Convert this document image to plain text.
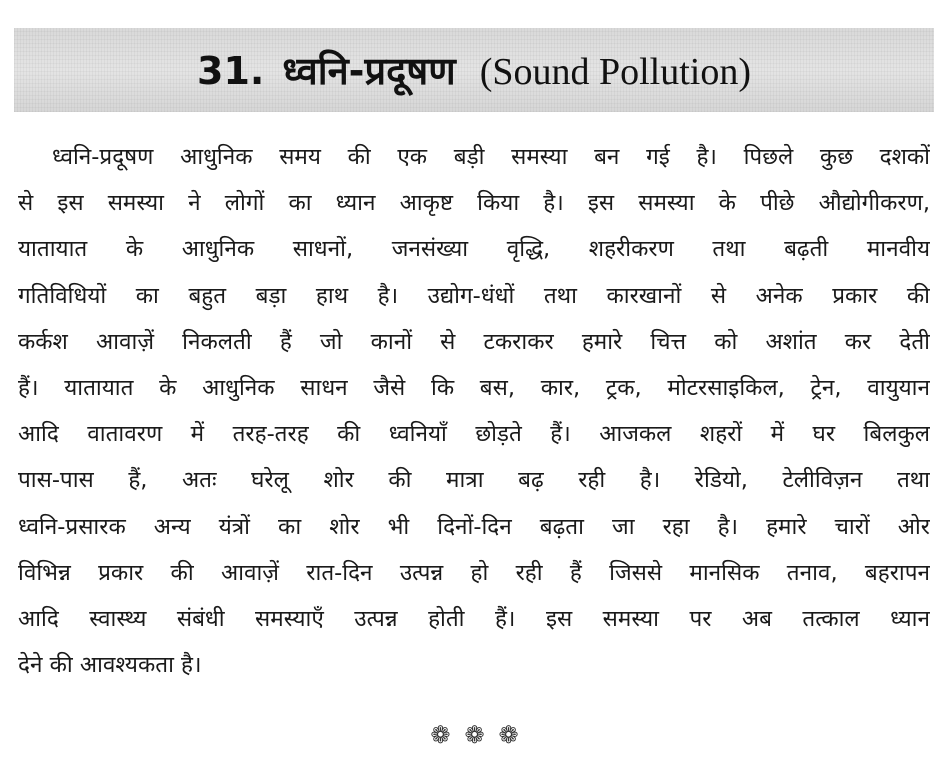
31. ध्वनि-प्रदूषण (Sound Pollution)
ध्वनि-प्रदूषण आधुनिक समय की एक बड़ी समस्या बन गई है। पिछले कुछ दशकों
से इस समस्या ने लोगों का ध्यान आकृष्ट किया है। इस समस्या के पीछे औद्योगीकरण,
यातायात के आधुनिक साधनों, जनसंख्या वृद्धि, शहरीकरण तथा बढ़ती मानवीय
गतिविधियों का बहुत बड़ा हाथ है। उद्योग-धंधों तथा कारखानों से अनेक प्रकार की
कर्कश आवाज़ें निकलती हैं जो कानों से टकराकर हमारे चित्त को अशांत कर देती
हैं। यातायात के आधुनिक साधन जैसे कि बस, कार, ट्रक, मोटरसाइकिल, ट्रेन, वायुयान
आदि वातावरण में तरह-तरह की ध्वनियाँ छोड़ते हैं। आजकल शहरों में घर बिलकुल
पास-पास हैं, अतः घरेलू शोर की मात्रा बढ़ रही है। रेडियो, टेलीविज़न तथा
ध्वनि-प्रसारक अन्य यंत्रों का शोर भी दिनों-दिन बढ़ता जा रहा है। हमारे चारों ओर
विभिन्न प्रकार की आवाज़ें रात-दिन उत्पन्न हो रही हैं जिससे मानसिक तनाव, बहरापन
आदि स्वास्थ्य संबंधी समस्याएँ उत्पन्न होती हैं। इस समस्या पर अब तत्काल ध्यान
देने की आवश्यकता है।
❁ ❁ ❁
